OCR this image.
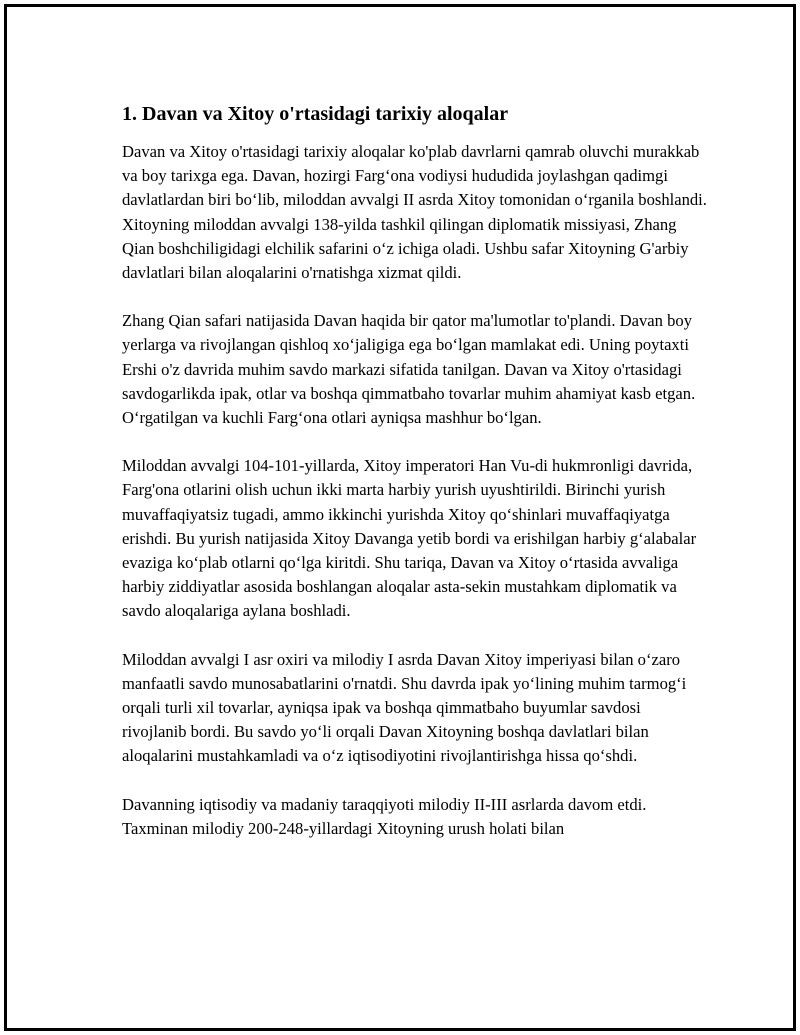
1. Davan va Xitoy o'rtasidagi tarixiy aloqalar

Davan va Xitoy o'rtasidagi tarixiy aloqalar ko'plab davrlarni qamrab oluvchi murakkab va boy tarixga ega. Davan, hozirgi Farg‘ona vodiysi hududida joylashgan qadimgi davlatlardan biri bo‘lib, miloddan avvalgi II asrda Xitoy tomonidan o‘rganila boshlandi. Xitoyning miloddan avvalgi 138-yilda tashkil qilingan diplomatik missiyasi, Zhang Qian boshchiligidagi elchilik safarini o‘z ichiga oladi. Ushbu safar Xitoyning G'arbiy davlatlari bilan aloqalarini o'rnatishga xizmat qildi.

Zhang Qian safari natijasida Davan haqida bir qator ma'lumotlar to'plandi. Davan boy yerlarga va rivojlangan qishloq xo‘jaligiga ega bo‘lgan mamlakat edi. Uning poytaxti Ershi o'z davrida muhim savdo markazi sifatida tanilgan. Davan va Xitoy o'rtasidagi savdogarlikda ipak, otlar va boshqa qimmatbaho tovarlar muhim ahamiyat kasb etgan. O‘rgatilgan va kuchli Farg‘ona otlari ayniqsa mashhur bo‘lgan.

Miloddan avvalgi 104-101-yillarda, Xitoy imperatori Han Vu-di hukmronligi davrida, Farg'ona otlarini olish uchun ikki marta harbiy yurish uyushtirildi. Birinchi yurish muvaffaqiyatsiz tugadi, ammo ikkinchi yurishda Xitoy qo‘shinlari muvaffaqiyatga erishdi. Bu yurish natijasida Xitoy Davanga yetib bordi va erishilgan harbiy g‘alabalar evaziga ko‘plab otlarni qo‘lga kiritdi. Shu tariqa, Davan va Xitoy o‘rtasida avvaliga harbiy ziddiyatlar asosida boshlangan aloqalar asta-sekin mustahkam diplomatik va savdo aloqalariga aylana boshladi.

Miloddan avvalgi I asr oxiri va milodiy I asrda Davan Xitoy imperiyasi bilan o‘zaro manfaatli savdo munosabatlarini o'rnatdi. Shu davrda ipak yo‘lining muhim tarmog‘i orqali turli xil tovarlar, ayniqsa ipak va boshqa qimmatbaho buyumlar savdosi rivojlanib bordi. Bu savdo yo‘li orqali Davan Xitoyning boshqa davlatlari bilan aloqalarini mustahkamladi va o‘z iqtisodiyotini rivojlantirishga hissa qo‘shdi.

Davanning iqtisodiy va madaniy taraqqiyoti milodiy II-III asrlarda davom etdi. Taxminan milodiy 200-248-yillardagi Xitoyning urush holati bilan
